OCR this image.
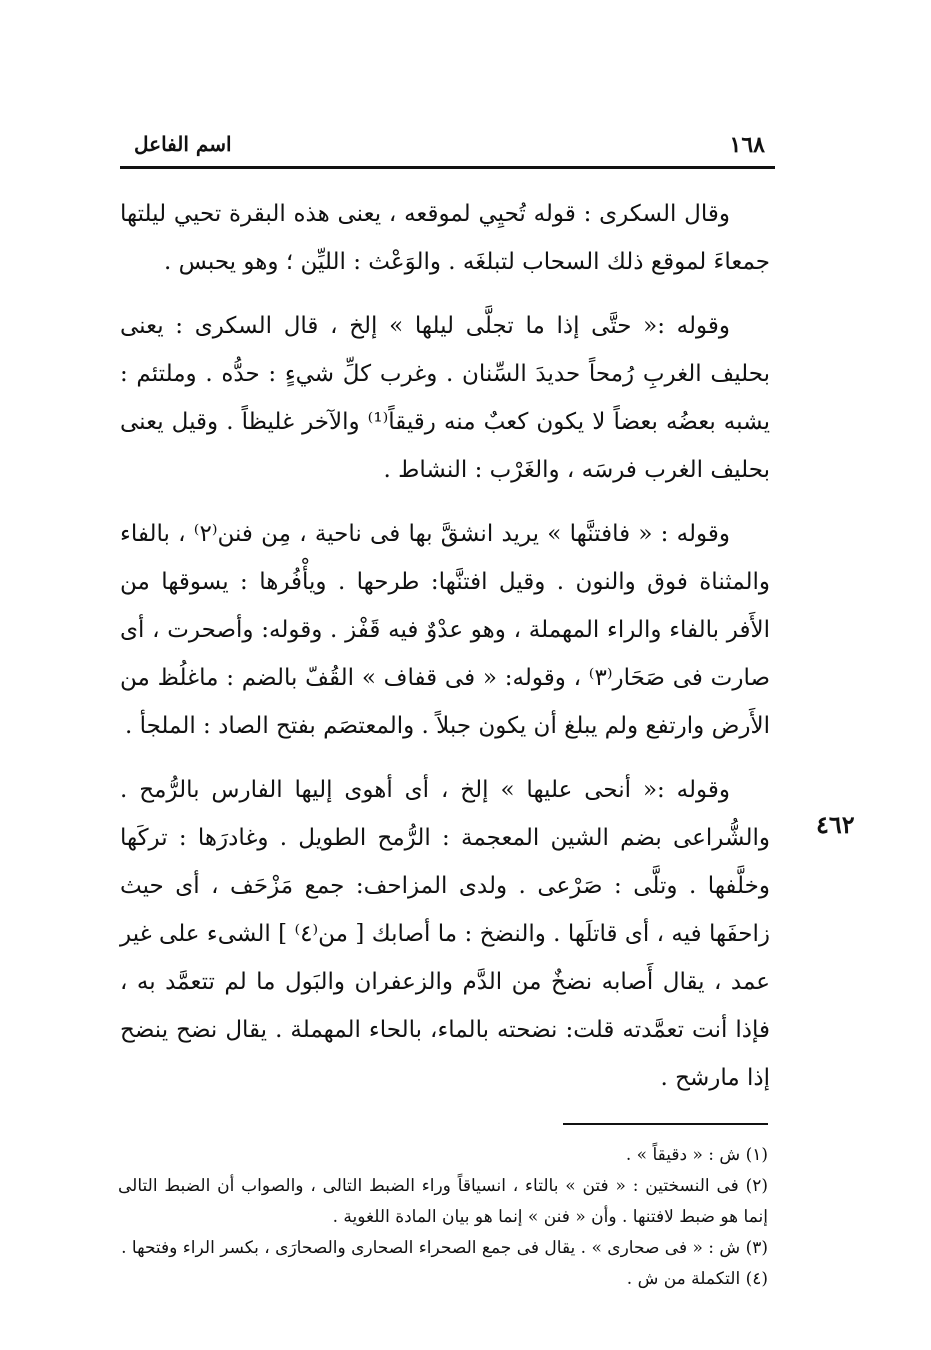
١٦٨
اسم الفاعل
٤٦٢

وقال السكرى : قوله تُحيِي لموقعه ، يعنى هذه البقرة تحيي ليلتها جمعاءَ لموقع ذلك السحاب لتبلغَه . والوَعْث : الليِّن ؛ وهو يحبس .

وقوله :« حتَّى إذا ما تجلَّى ليلها » إلخ ، قال السكرى : يعنى بحليف الغربِ رُمحاً حديدَ السِّنان . وغرب كلِّ شيءٍ : حدُّه . وملتئم : يشبه بعضُه بعضاً لا يكون كعبٌ منه رقيقاً⁽¹⁾ والآخر غليظاً . وقيل يعنى بحليف الغرب فرسَه ، والغَرْب : النشاط .

وقوله : « فافتنَّها » يريد انشقَّ بها فى ناحية ، مِن فنن⁽٢⁾ ، بالفاء والمثناة فوق والنون . وقيل افتنَّها: طرحها . ويأْفُرها : يسوقها من الأَفر بالفاء والراء المهملة ، وهو عدْوٌ فيه قَفْز . وقوله: وأصحرت ، أى صارت فى صَحَار⁽٣⁾ ، وقوله: « فى قفاف » القُفّ بالضم : ماغلُظ من الأَرض وارتفع ولم يبلغ أن يكون جبلاً . والمعتصَم بفتح الصاد : الملجأ .

وقوله :« أنحى عليها » إلخ ، أى أهوى إليها الفارس بالرُّمح . والشُّراعى بضم الشين المعجمة : الرُّمح الطويل . وغادرَها : تركَها وخلَّفها . وتلَّى : صَرْعى . ولدى المزاحف: جمع مَزْحَف ، أى حيث زاحفَها فيه ، أى قاتلَها . والنضخ : ما أصابك [ من⁽٤⁾ ] الشىء على غير عمد ، يقال أَصابه نضخٌ من الدَّم والزعفران والبَول ما لم تتعمَّد به ، فإذا أنت تعمَّدته قلت: نضحته بالماء، بالحاء المهملة . يقال نضح ينضح إذا مارشح .

(١) ش : « دقيقاً » .

(٢) فى النسختين : « فتن » بالتاء ، انسياقاً وراء الضبط التالى ، والصواب أن الضبط التالى إنما هو ضبط لافتنها . وأن « فنن » إنما هو بيان المادة اللغوية .

(٣) ش : « فى صحارى » . يقال فى جمع الصحراء الصحارى والصحارَى ، بكسر الراء وفتحها .

(٤) التكملة من ش .
